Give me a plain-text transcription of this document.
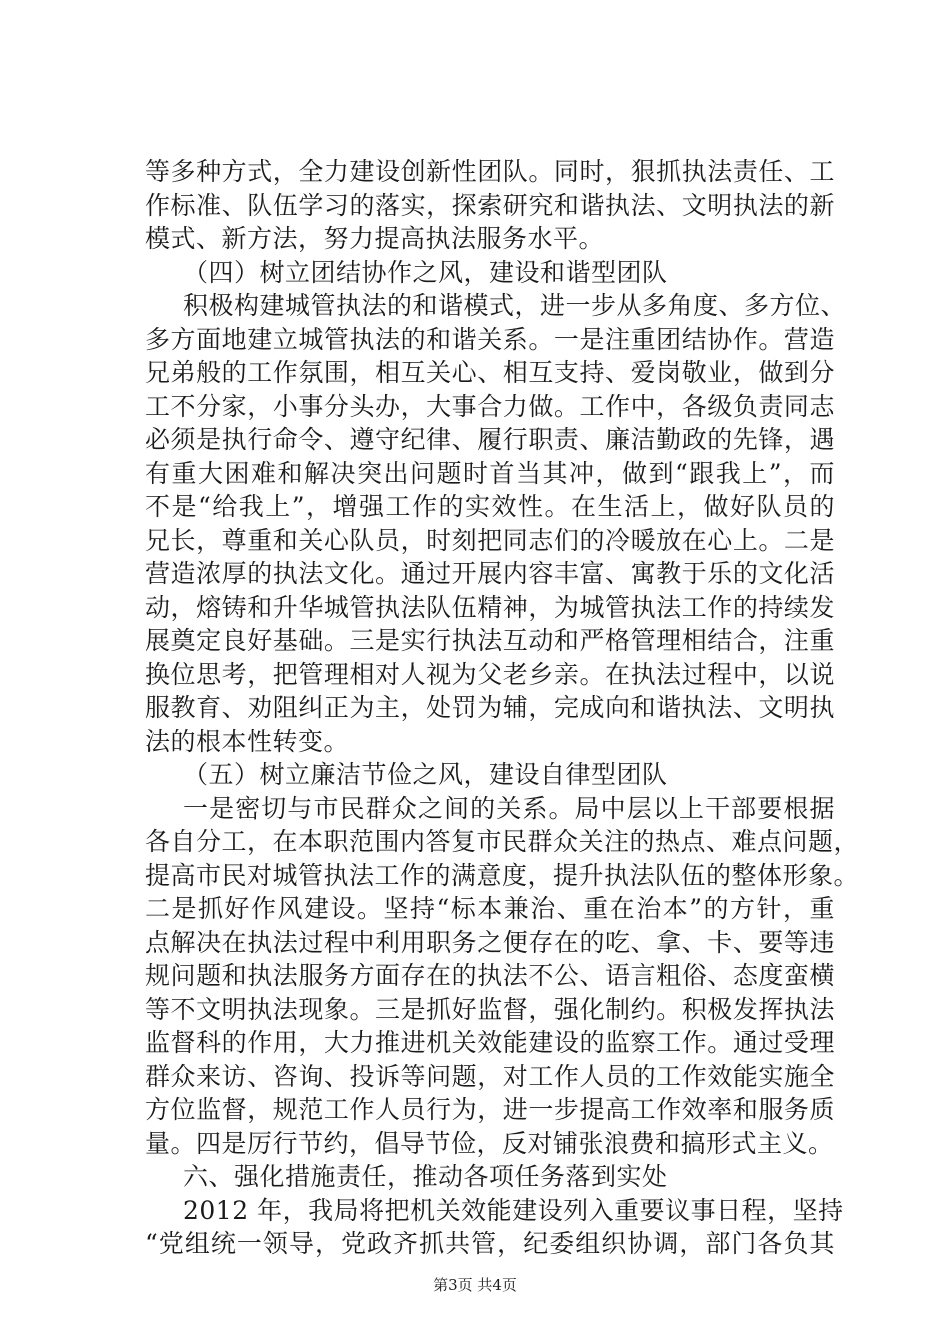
等多种方式，全力建设创新性团队。同时，狠抓执法责任、工
作标准、队伍学习的落实，探索研究和谐执法、文明执法的新
模式、新方法，努力提高执法服务水平。
（四）树立团结协作之风，建设和谐型团队
积极构建城管执法的和谐模式，进一步从多角度、多方位、
多方面地建立城管执法的和谐关系。一是注重团结协作。营造
兄弟般的工作氛围，相互关心、相互支持、爱岗敬业，做到分
工不分家，小事分头办，大事合力做。工作中，各级负责同志
必须是执行命令、遵守纪律、履行职责、廉洁勤政的先锋，遇
有重大困难和解决突出问题时首当其冲，做到“跟我上”，而
不是“给我上”，增强工作的实效性。在生活上，做好队员的
兄长，尊重和关心队员，时刻把同志们的冷暖放在心上。二是
营造浓厚的执法文化。通过开展内容丰富、寓教于乐的文化活
动，熔铸和升华城管执法队伍精神，为城管执法工作的持续发
展奠定良好基础。三是实行执法互动和严格管理相结合，注重
换位思考，把管理相对人视为父老乡亲。在执法过程中，以说
服教育、劝阻纠正为主，处罚为辅，完成向和谐执法、文明执
法的根本性转变。
（五）树立廉洁节俭之风，建设自律型团队
一是密切与市民群众之间的关系。局中层以上干部要根据
各自分工，在本职范围内答复市民群众关注的热点、难点问题，
提高市民对城管执法工作的满意度，提升执法队伍的整体形象。
二是抓好作风建设。坚持“标本兼治、重在治本”的方针，重
点解决在执法过程中利用职务之便存在的吃、拿、卡、要等违
规问题和执法服务方面存在的执法不公、语言粗俗、态度蛮横
等不文明执法现象。三是抓好监督，强化制约。积极发挥执法
监督科的作用，大力推进机关效能建设的监察工作。通过受理
群众来访、咨询、投诉等问题，对工作人员的工作效能实施全
方位监督，规范工作人员行为，进一步提高工作效率和服务质
量。四是厉行节约，倡导节俭，反对铺张浪费和搞形式主义。
六、强化措施责任，推动各项任务落到实处
2012 年，我局将把机关效能建设列入重要议事日程，坚持
“党组统一领导，党政齐抓共管，纪委组织协调，部门各负其
第3页 共4页
